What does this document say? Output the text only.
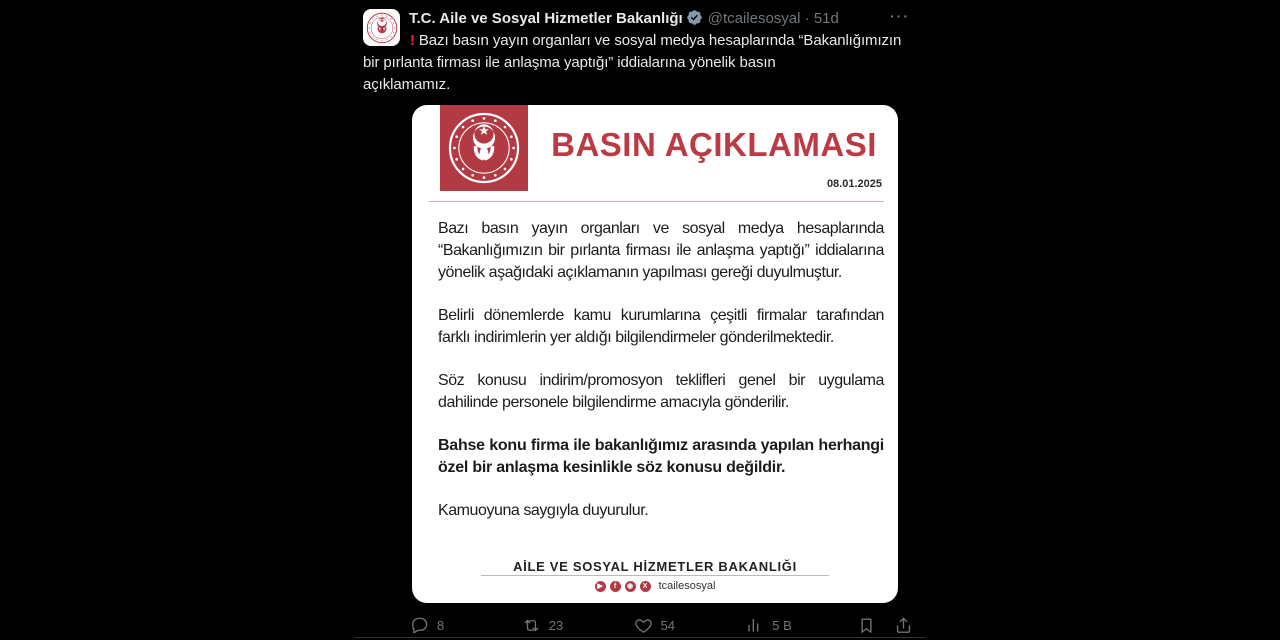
···
T.C. Aile ve Sosyal Hizmetler Bakanlığı @tcailesosyal · 51d
! Bazı basın yayın organları ve sosyal medya hesaplarında “Bakanlığımızın
bir pırlanta firması ile anlaşma yaptığı” iddialarına yönelik basın
açıklamamız.
BASIN AÇIKLAMASI
08.01.2025

Bazı basın yayın organları ve sosyal medya hesaplarında “Bakanlığımızın bir pırlanta firması ile anlaşma yaptığı” iddialarına yönelik aşağıdaki açıklamanın yapılması gereği duyulmuştur.

Belirli dönemlerde kamu kurumlarına çeşitli firmalar tarafından farklı indirimlerin yer aldığı bilgilendirmeler gönderilmektedir.

Söz konusu indirim/promosyon teklifleri genel bir uygulama dahilinde personele bilgilendirme amacıyla gönderilir.

Bahse konu firma ile bakanlığımız arasında yapılan herhangi özel bir anlaşma kesinlikle söz konusu değildir.

Kamuoyuna saygıyla duyurulur.

AİLE VE SOSYAL HİZMETLER BAKANLIĞI
▶	f	◉	X tcailesosyal
8	23	54	5 B
